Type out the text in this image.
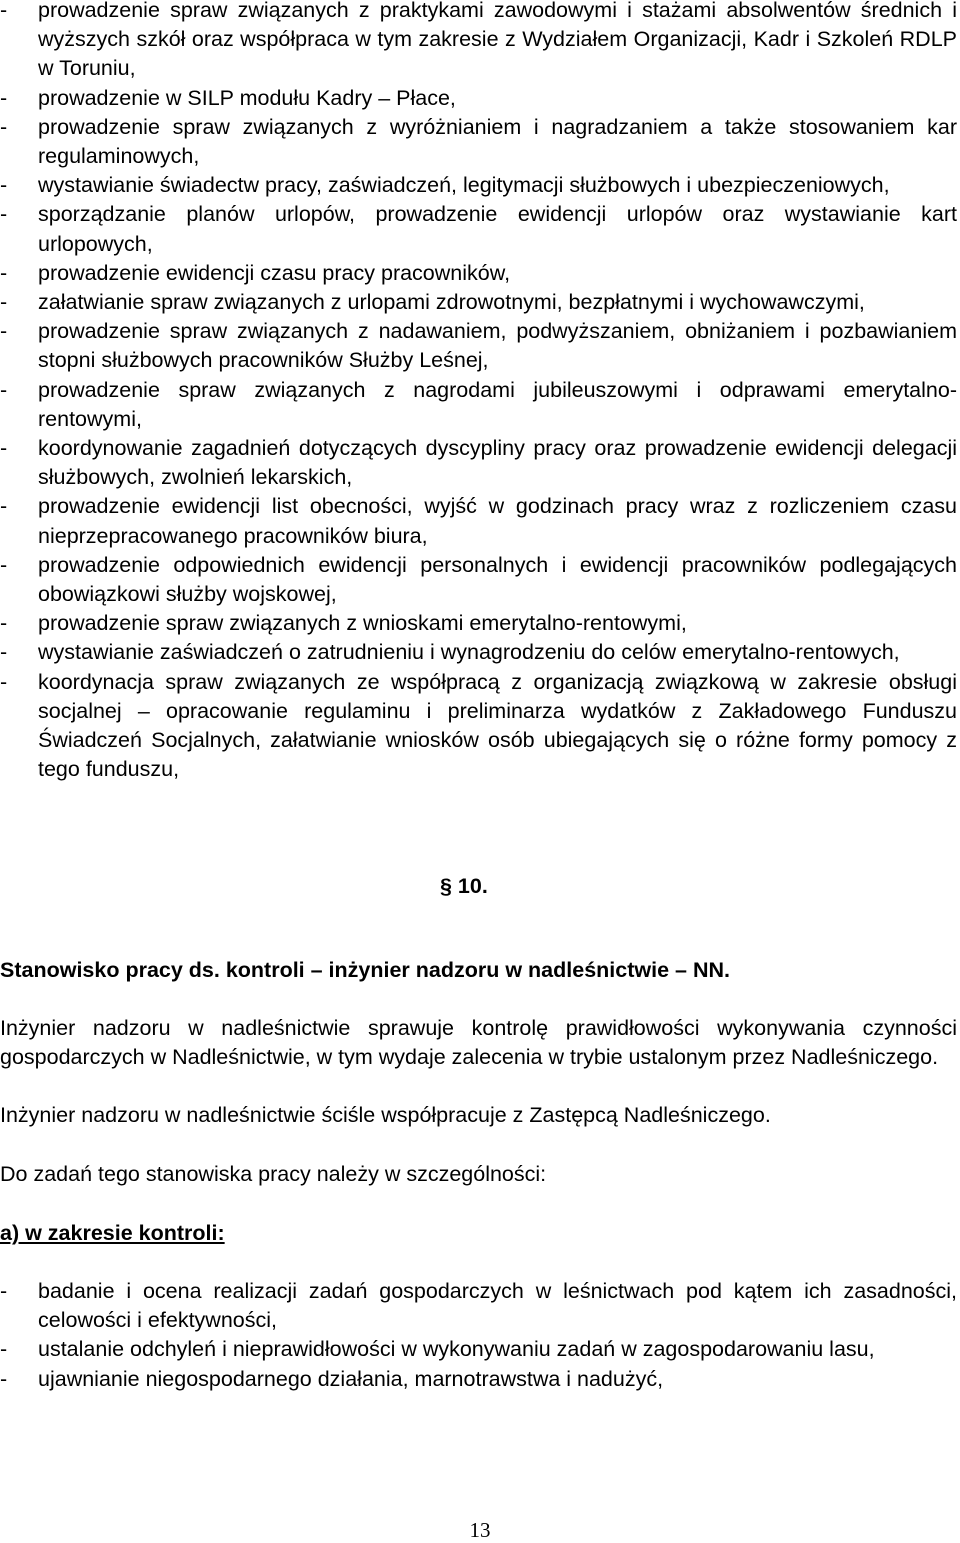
- prowadzenie spraw związanych z praktykami zawodowymi i stażami absolwentów średnich i wyższych szkół oraz współpraca w tym zakresie z Wydziałem Organizacji, Kadr i Szkoleń RDLP w Toruniu,
- prowadzenie w SILP modułu Kadry – Płace,
- prowadzenie spraw związanych z wyróżnianiem i nagradzaniem a także stosowaniem kar regulaminowych,
- wystawianie świadectw pracy, zaświadczeń, legitymacji służbowych i ubezpieczeniowych,
- sporządzanie planów urlopów, prowadzenie ewidencji urlopów oraz wystawianie kart urlopowych,
- prowadzenie ewidencji czasu pracy pracowników,
- załatwianie spraw związanych z urlopami zdrowotnymi, bezpłatnymi i wychowawczymi,
- prowadzenie spraw związanych z nadawaniem, podwyższaniem, obniżaniem i pozbawianiem stopni służbowych pracowników Służby Leśnej,
- prowadzenie spraw związanych z nagrodami jubileuszowymi i odprawami emerytalno-rentowymi,
- koordynowanie zagadnień dotyczących dyscypliny pracy oraz prowadzenie ewidencji delegacji służbowych, zwolnień lekarskich,
- prowadzenie ewidencji list obecności, wyjść w godzinach pracy wraz z rozliczeniem czasu nieprzepracowanego pracowników biura,
- prowadzenie odpowiednich ewidencji personalnych i ewidencji pracowników podlegających obowiązkowi służby wojskowej,
- prowadzenie spraw związanych z wnioskami emerytalno-rentowymi,
- wystawianie zaświadczeń o zatrudnieniu i wynagrodzeniu do celów emerytalno-rentowych,
- koordynacja spraw związanych ze współpracą z organizacją związkową w zakresie obsługi socjalnej – opracowanie regulaminu i preliminarza wydatków z Zakładowego Funduszu Świadczeń Socjalnych, załatwianie wniosków osób ubiegających się o różne formy pomocy z tego funduszu,
§ 10.
Stanowisko pracy ds. kontroli – inżynier nadzoru w nadleśnictwie – NN.

Inżynier nadzoru w nadleśnictwie sprawuje kontrolę prawidłowości wykonywania czynności gospodarczych w Nadleśnictwie, w tym wydaje zalecenia w trybie ustalonym przez Nadleśniczego.

Inżynier nadzoru w nadleśnictwie ściśle współpracuje z Zastępcą Nadleśniczego.

Do zadań tego stanowiska pracy należy w szczególności:

a) w zakresie kontroli:
- badanie i ocena realizacji zadań gospodarczych w leśnictwach pod kątem ich zasadności, celowości i efektywności,
- ustalanie odchyleń i nieprawidłowości w wykonywaniu zadań w zagospodarowaniu lasu,
- ujawnianie niegospodarnego działania, marnotrawstwa i nadużyć,
13
